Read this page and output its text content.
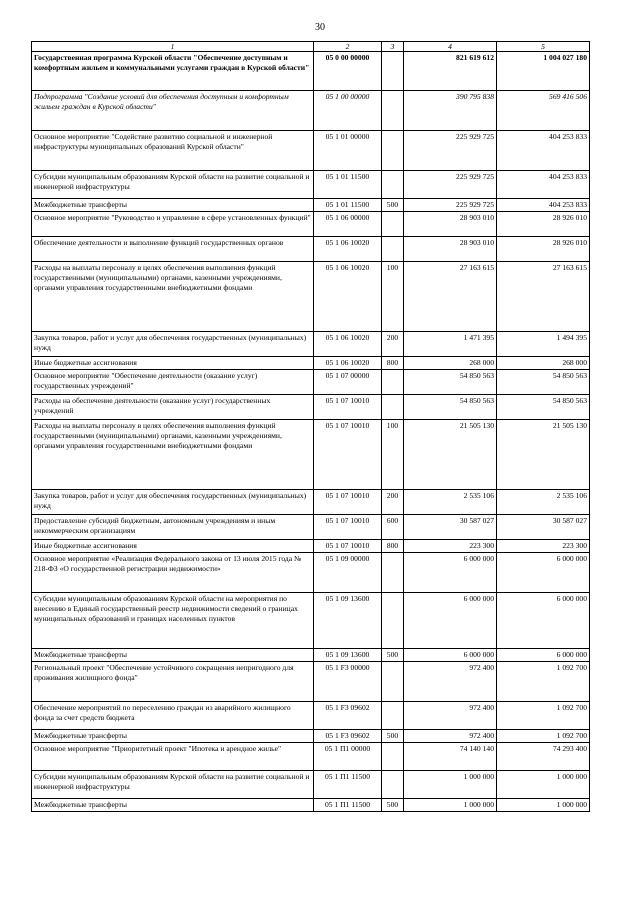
30
1	2	3	4	5
Государственная программа Курской области "Обеспечение доступным и комфортным жильем и коммунальными услугами граждан в Курской области"	05 0 00 00000		821 619 612	1 004 027 180
Подпрограмма "Создание условий для обеспечения доступным и комфортным жильем граждан в Курской области"	05 1 00 00000		390 795 838	569 416 506
Основное мероприятие "Содействие развитию социальной и инженерной инфраструктуры муниципальных образований Курской области"	05 1 01 00000		225 929 725	404 253 833
Субсидии муниципальным образованиям Курской области на развитие социальной и инженерной инфраструктуры	05 1 01 11500		225 929 725	404 253 833
Межбюджетные трансферты	05 1 01 11500	500	225 929 725	404 253 833
Основное мероприятие "Руководство и управление в сфере установленных функций"	05 1 06 00000		28 903 010	28 926 010
Обеспечение деятельности и выполнение функций государственных органов	05 1 06 10020		28 903 010	28 926 010
Расходы на выплаты персоналу в целях обеспечения выполнения функций государственными (муниципальными) органами, казенными учреждениями, органами управления государственными внебюджетными фондами	05 1 06 10020	100	27 163 615	27 163 615
Закупка товаров, работ и услуг для обеспечения государственных (муниципальных) нужд	05 1 06 10020	200	1 471 395	1 494 395
Иные бюджетные ассигнования	05 1 06 10020	800	268 000	268 000
Основное мероприятие "Обеспечение деятельности (оказание услуг) государственных учреждений"	05 1 07 00000		54 850 563	54 850 563
Расходы на обеспечение деятельности (оказание услуг) государственных учреждений	05 1 07 10010		54 850 563	54 850 563
Расходы на выплаты персоналу в целях обеспечения выполнения функций государственными (муниципальными) органами, казенными учреждениями, органами управления государственными внебюджетными фондами	05 1 07 10010	100	21 505 130	21 505 130
Закупка товаров, работ и услуг для обеспечения государственных (муниципальных) нужд	05 1 07 10010	200	2 535 106	2 535 106
Предоставление субсидий бюджетным, автономным учреждениям и иным некоммерческим организациям	05 1 07 10010	600	30 587 027	30 587 027
Иные бюджетные ассигнования	05 1 07 10010	800	223 300	223 300
Основное мероприятие «Реализация Федерального закона от 13 июля 2015 года № 218-ФЗ «О государственной регистрации недвижимости»	05 1 09 00000		6 000 000	6 000 000
Субсидии муниципальным образованиям Курской области на мероприятия по внесению в Единый государственный реестр недвижимости сведений о границах муниципальных образований и границах населенных пунктов	05 1 09 13600		6 000 000	6 000 000
Межбюджетные трансферты	05 1 09 13600	500	6 000 000	6 000 000
Региональный проект "Обеспечение устойчивого сокращения непригодного для проживания жилищного фонда"	05 1 F3 00000		972 400	1 092 700
Обеспечение мероприятий по переселению граждан из аварийного жилищного фонда за счет средств бюджета	05 1 F3 09602		972 400	1 092 700
Межбюджетные трансферты	05 1 F3 09602	500	972 400	1 092 700
Основное мероприятие "Приоритетный проект "Ипотека и арендное жилье"	05 1 П1 00000		74 140 140	74 293 400
Субсидии муниципальным образованиям Курской области на развитие социальной и инженерной инфраструктуры	05 1 П1 11500		1 000 000	1 000 000
Межбюджетные трансферты	05 1 П1 11500	500	1 000 000	1 000 000
